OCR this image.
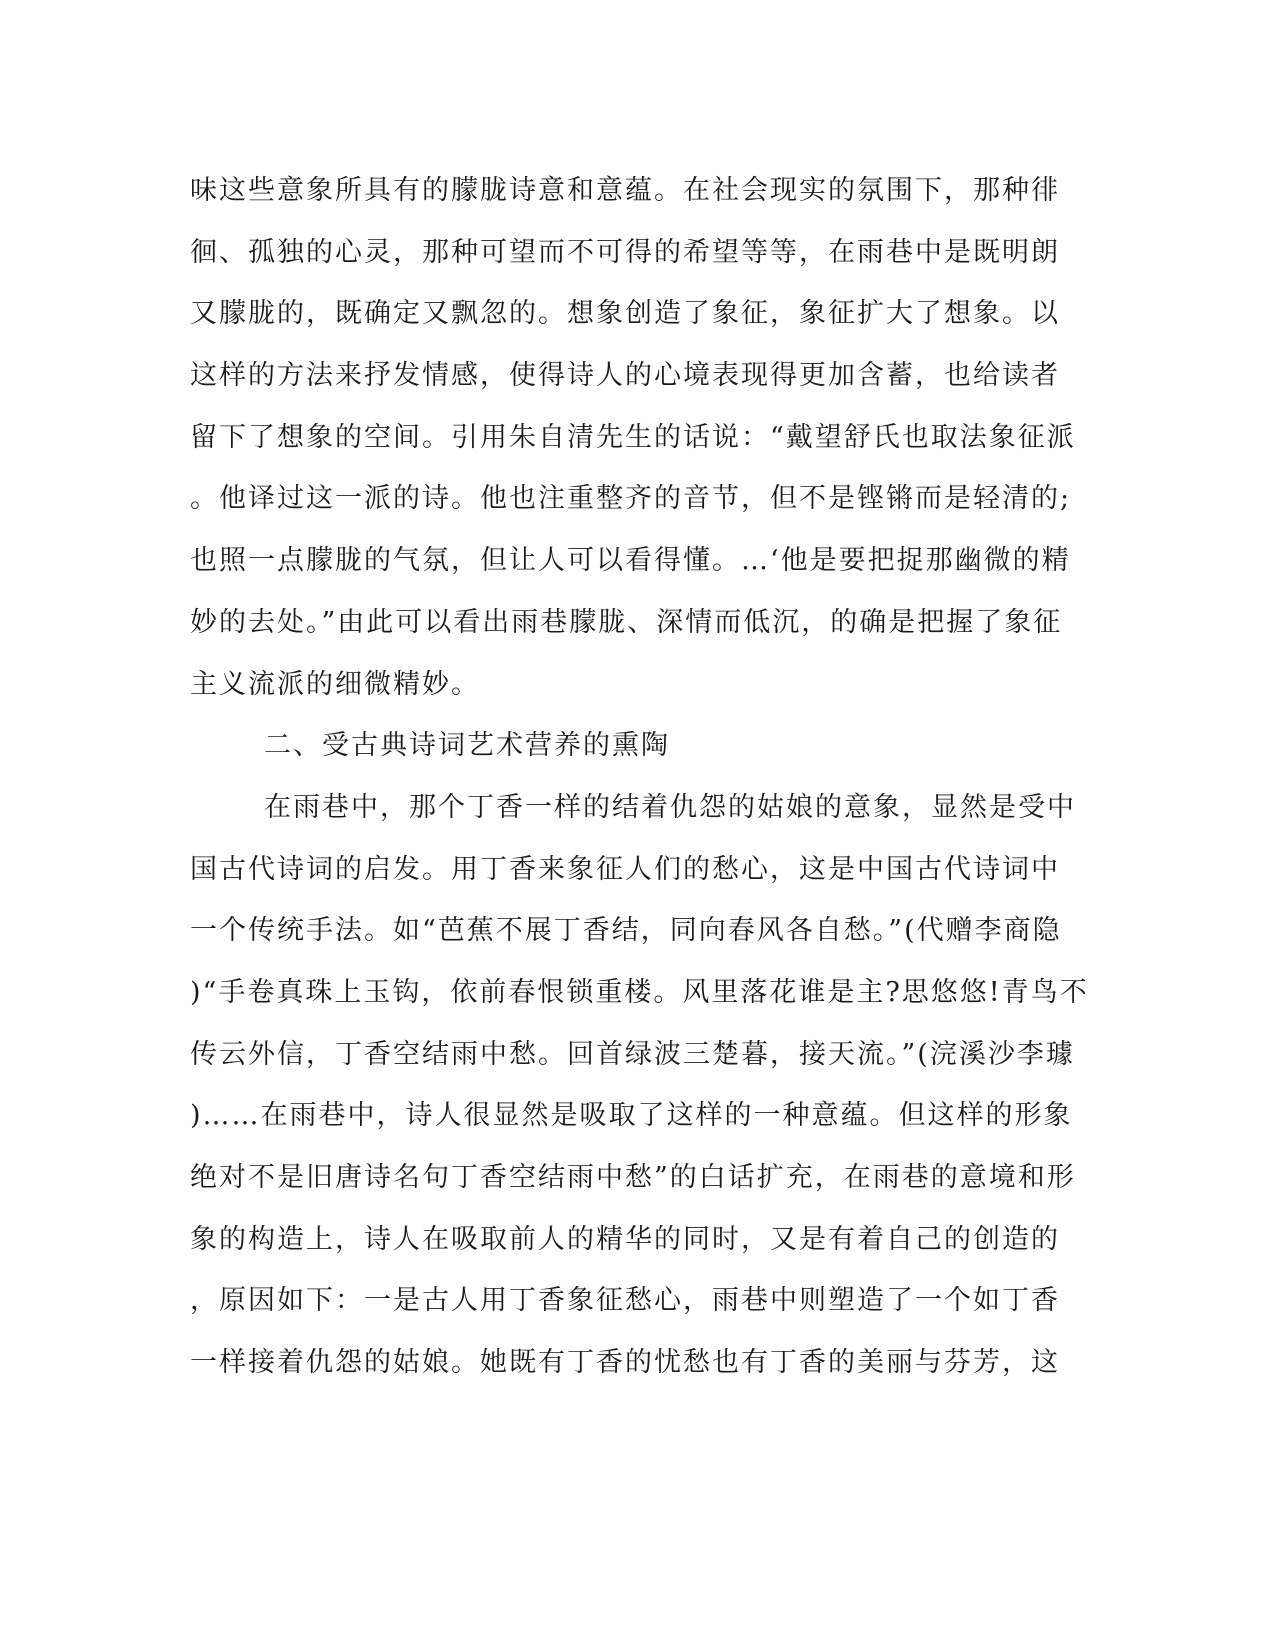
味这些意象所具有的朦胧诗意和意蕴。在社会现实的氛围下，那种徘
徊、孤独的心灵，那种可望而不可得的希望等等，在雨巷中是既明朗
又朦胧的，既确定又飘忽的。想象创造了象征，象征扩大了想象。以
这样的方法来抒发情感，使得诗人的心境表现得更加含蓄，也给读者
留下了想象的空间。引用朱自清先生的话说：“戴望舒氏也取法象征派
。他译过这一派的诗。他也注重整齐的音节，但不是铿锵而是轻清的;
也照一点朦胧的气氛，但让人可以看得懂。…‘他是要把捉那幽微的精
妙的去处。”由此可以看出雨巷朦胧、深情而低沉，的确是把握了象征
主义流派的细微精妙。
二、受古典诗词艺术营养的熏陶
在雨巷中，那个丁香一样的结着仇怨的姑娘的意象，显然是受中
国古代诗词的启发。用丁香来象征人们的愁心，这是中国古代诗词中
一个传统手法。如“芭蕉不展丁香结，同向春风各自愁。”(代赠李商隐
)“手卷真珠上玉钩，依前春恨锁重楼。风里落花谁是主?思悠悠!青鸟不
传云外信，丁香空结雨中愁。回首绿波三楚暮，接天流。”(浣溪沙李璩
)……在雨巷中，诗人很显然是吸取了这样的一种意蕴。但这样的形象
绝对不是旧唐诗名句丁香空结雨中愁”的白话扩充，在雨巷的意境和形
象的构造上，诗人在吸取前人的精华的同时，又是有着自己的创造的
，原因如下：一是古人用丁香象征愁心，雨巷中则塑造了一个如丁香
一样接着仇怨的姑娘。她既有丁香的忧愁也有丁香的美丽与芬芳，这
